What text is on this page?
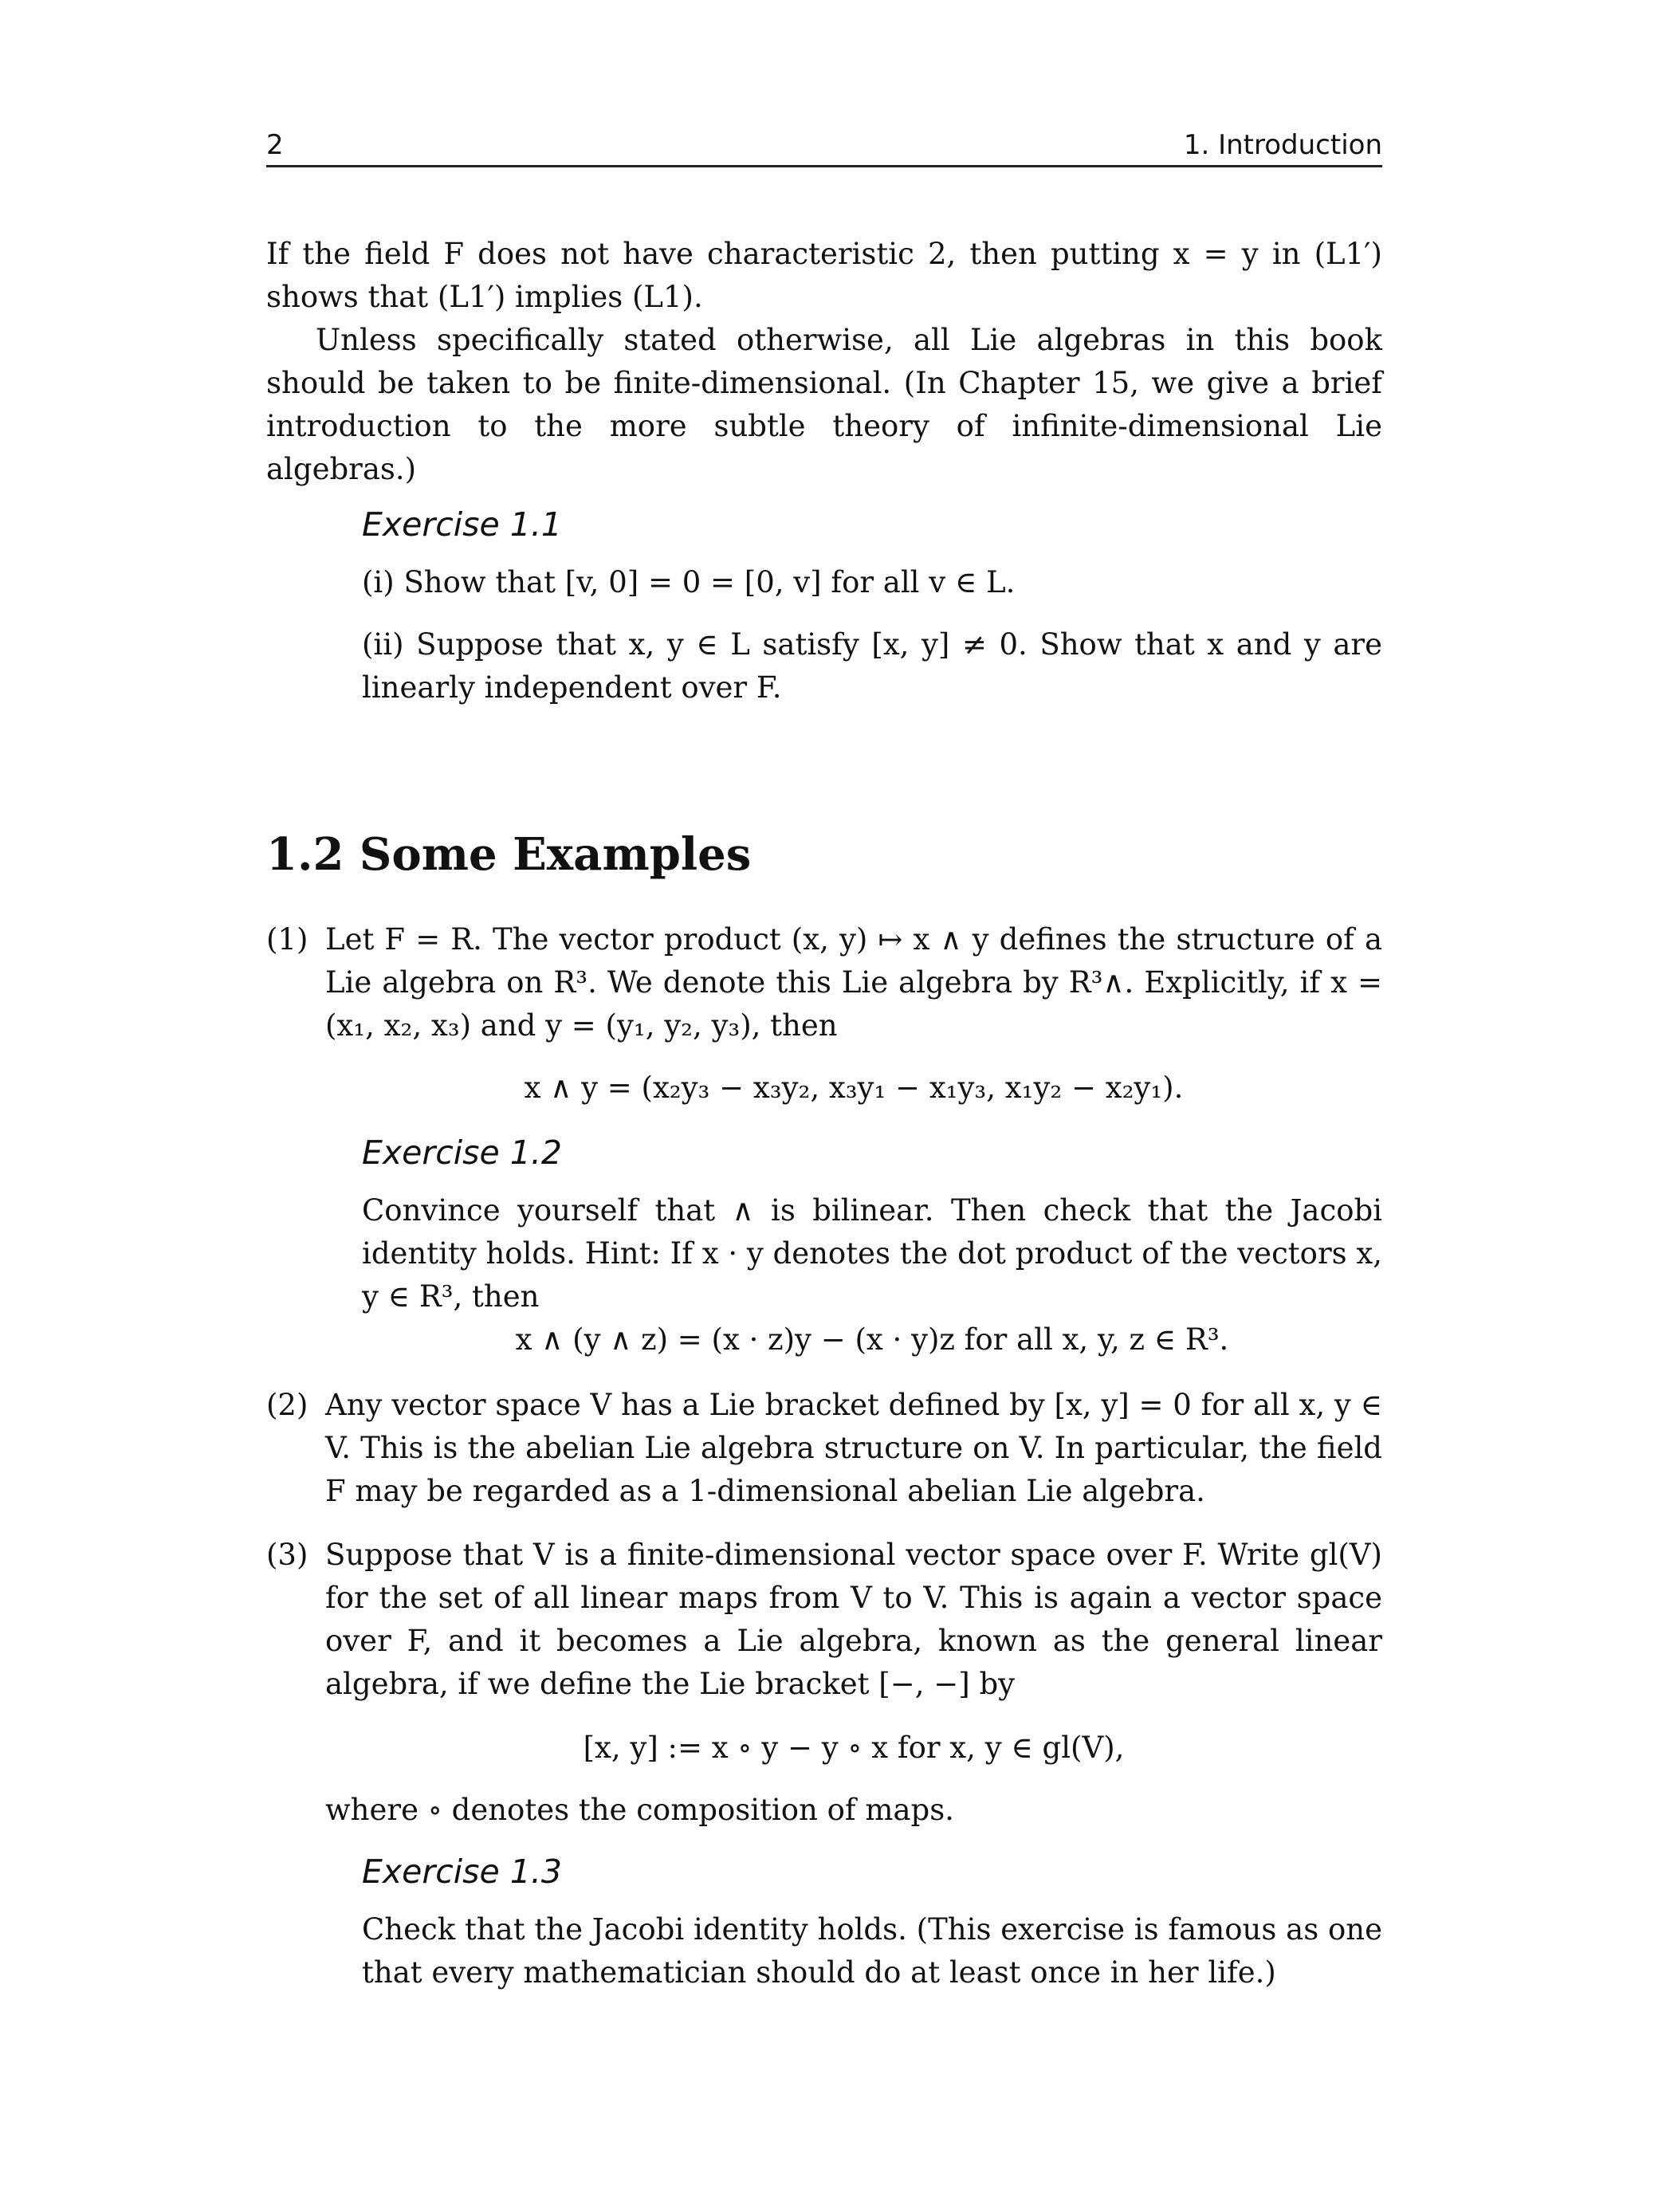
2	1. Introduction

If the field F does not have characteristic 2, then putting x = y in (L1′) shows that (L1′) implies (L1).

Unless specifically stated otherwise, all Lie algebras in this book should be taken to be finite-dimensional. (In Chapter 15, we give a brief introduction to the more subtle theory of infinite-dimensional Lie algebras.)

Exercise 1.1

(i) Show that [v, 0] = 0 = [0, v] for all v ∈ L.

(ii) Suppose that x, y ∈ L satisfy [x, y] ≠ 0. Show that x and y are linearly independent over F.

1.2 Some Examples
(1) Let F = R. The vector product (x, y) ↦ x ∧ y defines the structure of a Lie algebra on R³. We denote this Lie algebra by R³∧. Explicitly, if x = (x₁, x₂, x₃) and y = (y₁, y₂, y₃), then

x ∧ y = (x₂y₃ − x₃y₂, x₃y₁ − x₁y₃, x₁y₂ − x₂y₁).

Exercise 1.2

Convince yourself that ∧ is bilinear. Then check that the Jacobi identity holds. Hint: If x · y denotes the dot product of the vectors x, y ∈ R³, then

x ∧ (y ∧ z) = (x · z)y − (x · y)z for all x, y, z ∈ R³.

(2) Any vector space V has a Lie bracket defined by [x, y] = 0 for all x, y ∈ V. This is the abelian Lie algebra structure on V. In particular, the field F may be regarded as a 1-dimensional abelian Lie algebra.

(3) Suppose that V is a finite-dimensional vector space over F. Write gl(V) for the set of all linear maps from V to V. This is again a vector space over F, and it becomes a Lie algebra, known as the general linear algebra, if we define the Lie bracket [−, −] by

[x, y] := x ∘ y − y ∘ x for x, y ∈ gl(V),

where ∘ denotes the composition of maps.

Exercise 1.3

Check that the Jacobi identity holds. (This exercise is famous as one that every mathematician should do at least once in her life.)
